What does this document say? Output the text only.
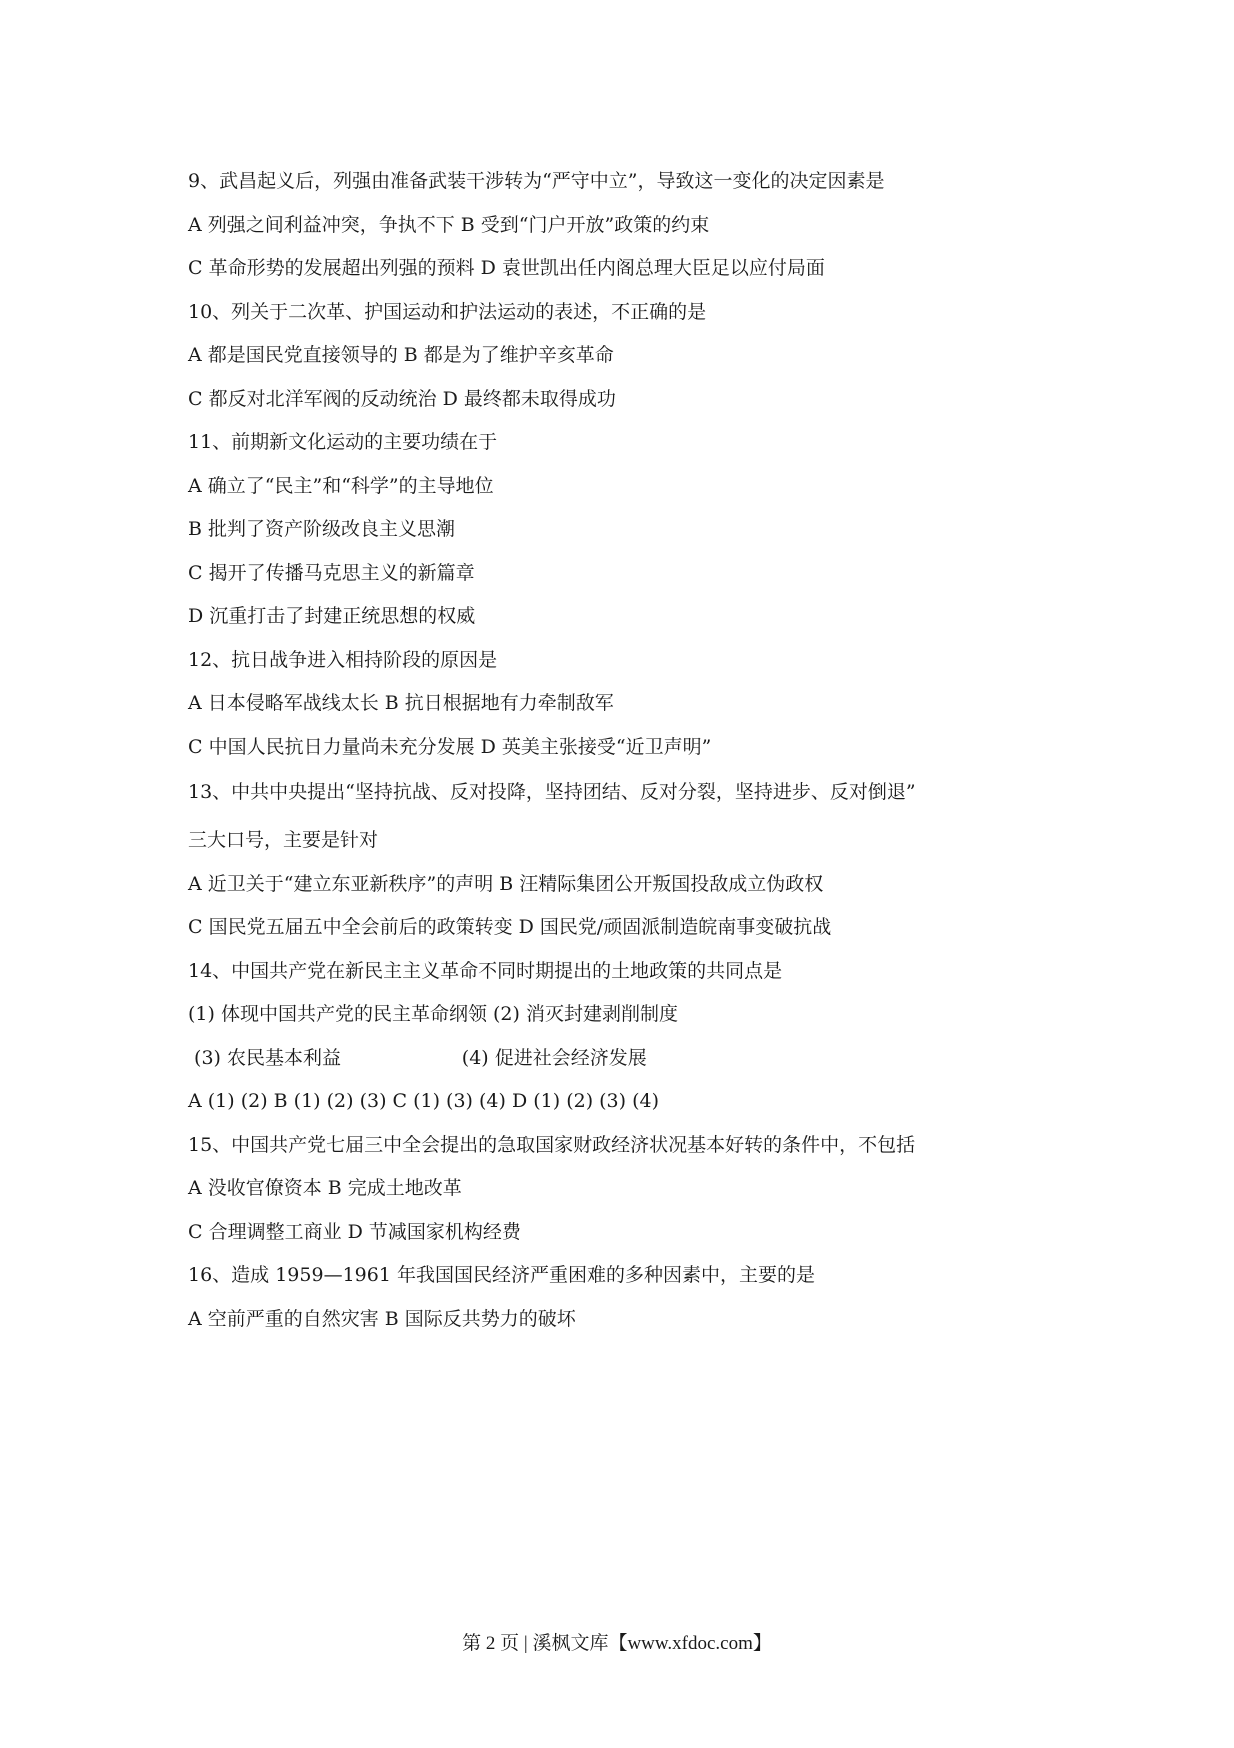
9、武昌起义后，列强由准备武装干涉转为“严守中立”，导致这一变化的决定因素是
A 列强之间利益冲突，争执不下 B 受到“门户开放”政策的约束
C 革命形势的发展超出列强的预料 D 袁世凯出任内阁总理大臣足以应付局面
10、列关于二次革、护国运动和护法运动的表述，不正确的是
A 都是国民党直接领导的 B 都是为了维护辛亥革命
C 都反对北洋军阀的反动统治 D 最终都未取得成功
11、前期新文化运动的主要功绩在于
A 确立了“民主”和“科学”的主导地位
B 批判了资产阶级改良主义思潮
C 揭开了传播马克思主义的新篇章
D 沉重打击了封建正统思想的权威
12、抗日战争进入相持阶段的原因是
A 日本侵略军战线太长 B 抗日根据地有力牵制敌军
C 中国人民抗日力量尚未充分发展 D 英美主张接受“近卫声明”
13、中共中央提出“坚持抗战、反对投降，坚持团结、反对分裂，坚持进步、反对倒退”
三大口号，主要是针对
A 近卫关于“建立东亚新秩序”的声明 B 汪精际集团公开叛国投敌成立伪政权
C 国民党五届五中全会前后的政策转变 D 国民党/顽固派制造皖南事变破抗战
14、中国共产党在新民主主义革命不同时期提出的土地政策的共同点是
(1) 体现中国共产党的民主革命纲领 (2) 消灭封建剥削制度
(3) 农民基本利益                    (4) 促进社会经济发展
A (1) (2) B (1) (2) (3) C (1) (3) (4) D (1) (2) (3) (4)
15、中国共产党七届三中全会提出的急取国家财政经济状况基本好转的条件中，不包括
A 没收官僚资本 B 完成土地改革
C 合理调整工商业 D 节减国家机构经费
16、造成 1959—1961 年我国国民经济严重困难的多种因素中，主要的是
A 空前严重的自然灾害 B 国际反共势力的破坏
第 2 页 | 溪枫文库【www.xfdoc.com】
